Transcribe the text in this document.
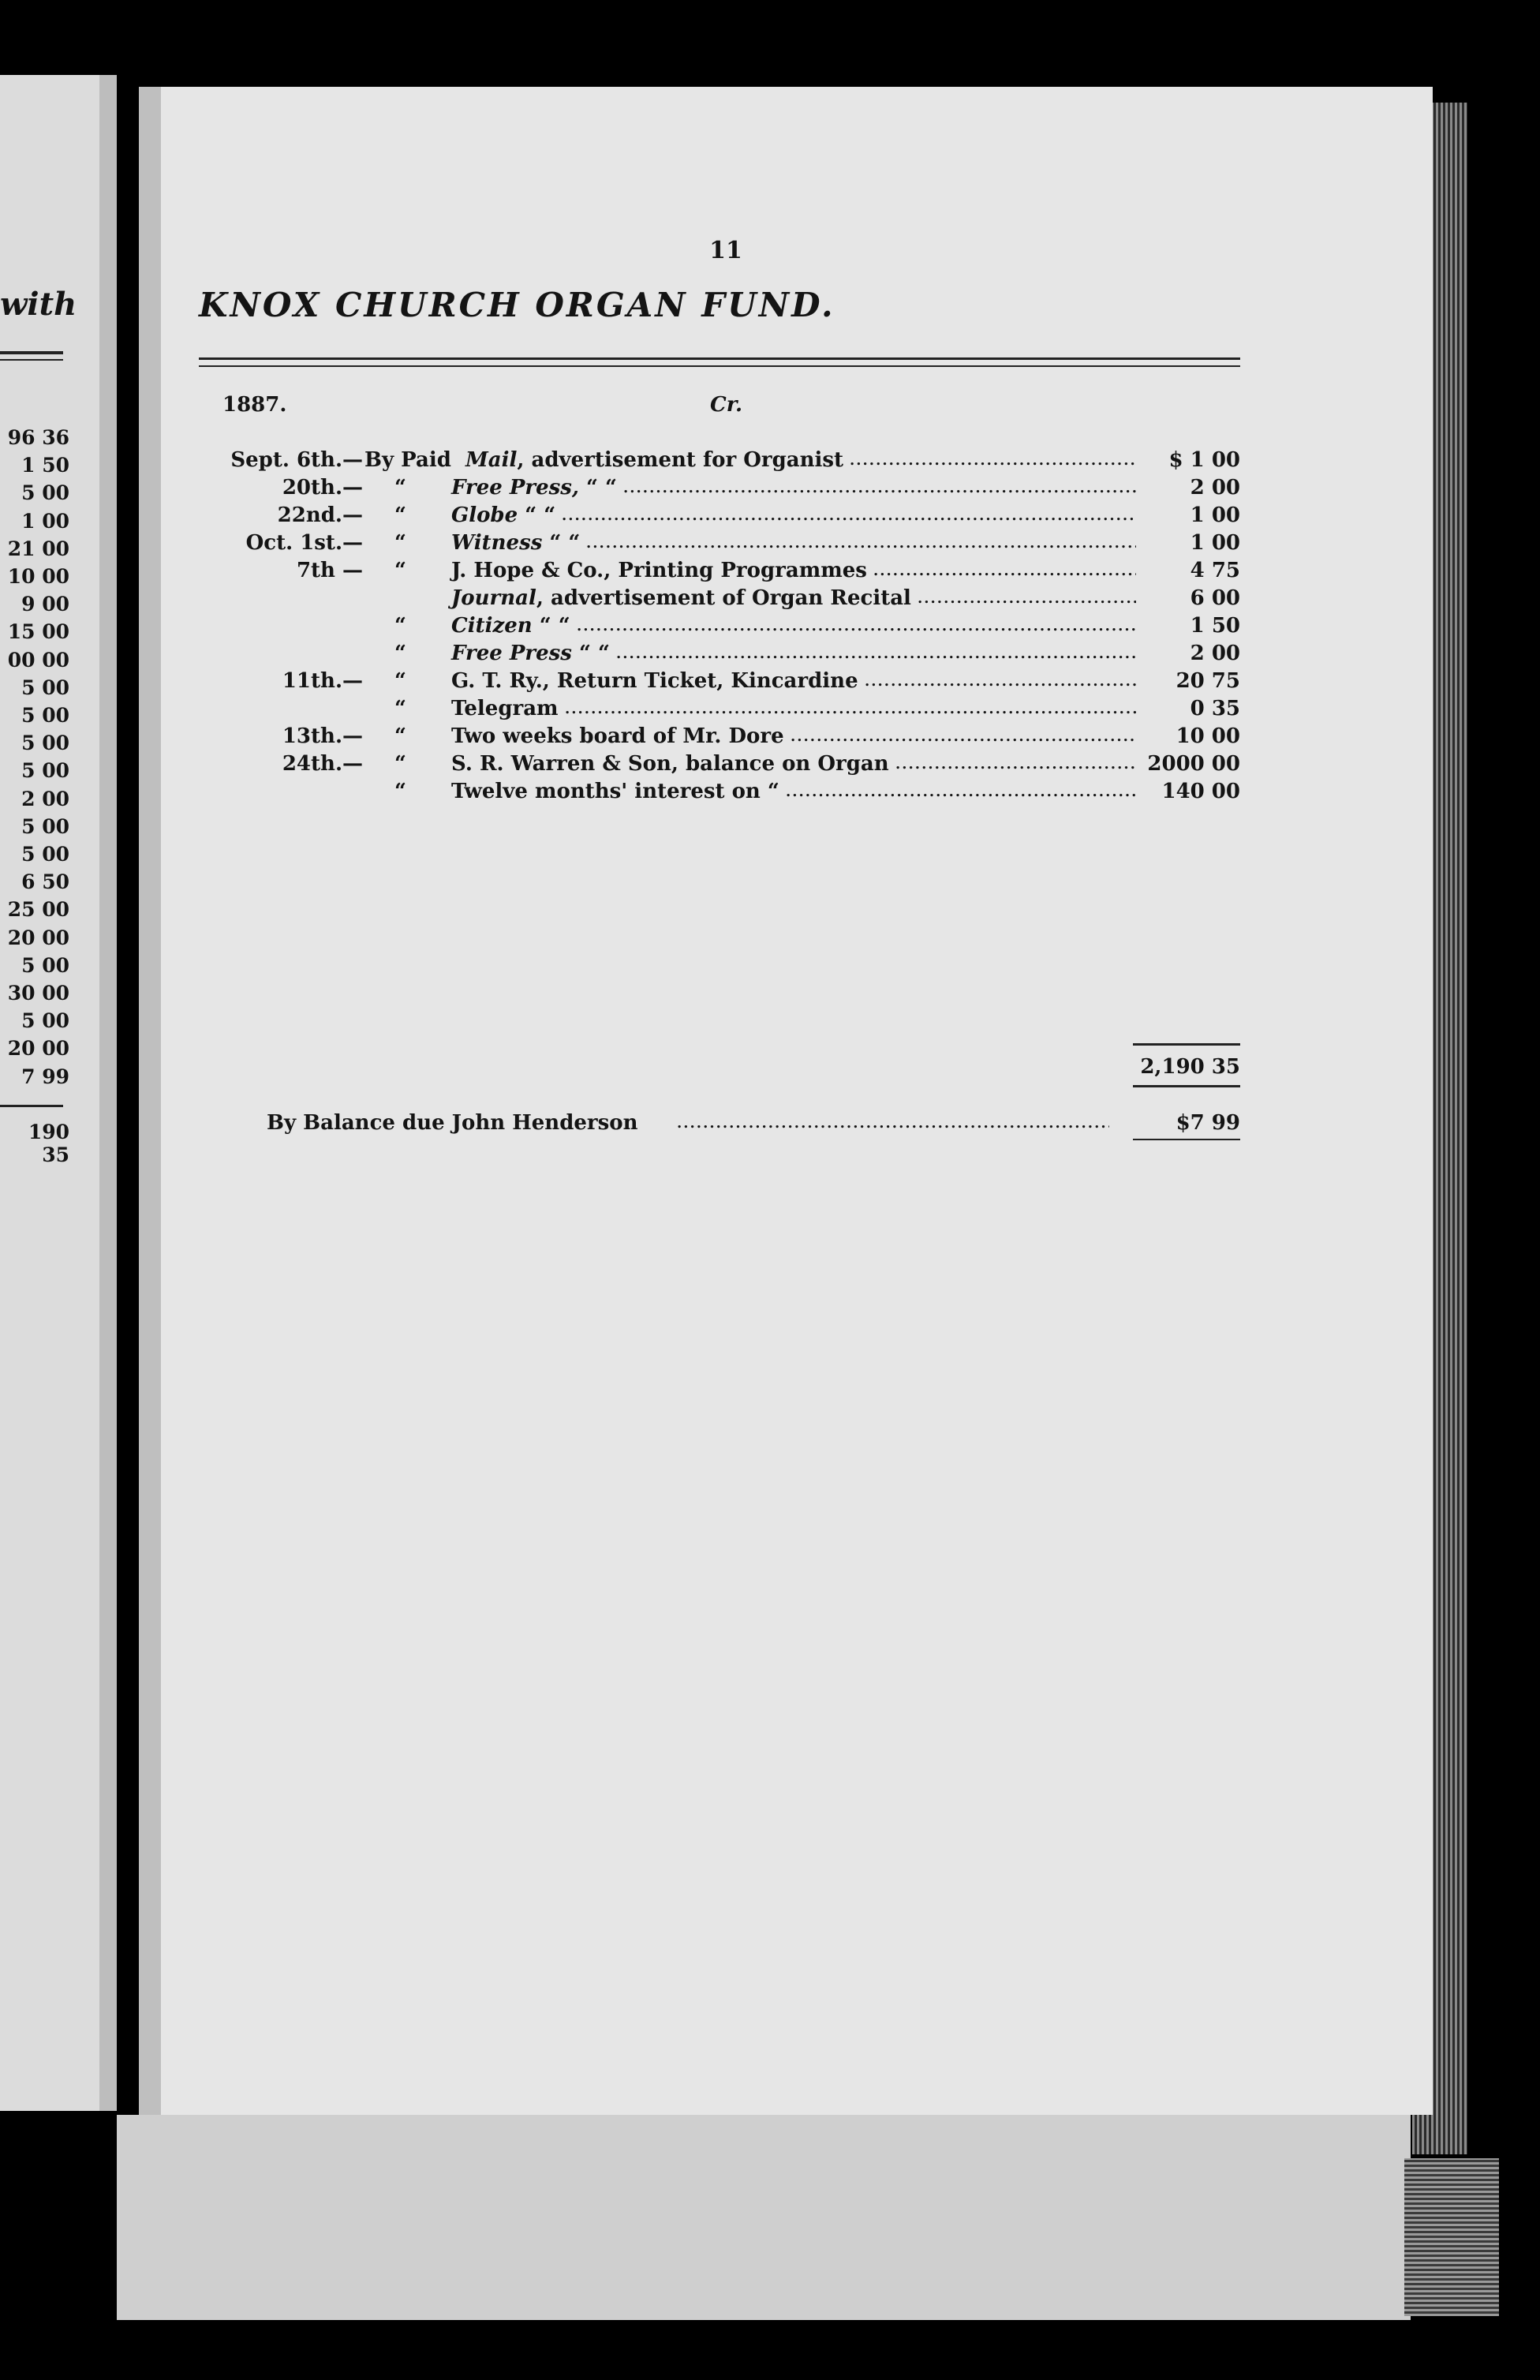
with
96 36
1 50
5 00
1 00
21 00
10 00
9 00
15 00
00 00
5 00
5 00
5 00
5 00
2 00
5 00
5 00
6 50
25 00
20 00
5 00
30 00
5 00
20 00
7 99
190 35
11
KNOX CHURCH ORGAN FUND.
1887.	Cr.
Sept. 6th.— By Paid Mail, advertisement for Organist .....	$ 1 00
20th.— “ Free Press, “ “ .....	2 00
22nd.— “ Globe “ “ .....	1 00
Oct. 1st.— “ Witness “ “ .....	1 00
7th — “ J. Hope & Co., Printing Programmes .....	4 75
Journal, advertisement of Organ Recital .....	6 00
“ Citizen “ “ .....	1 50
“ Free Press “ “ .....	2 00
11th.— “ G. T. Ry., Return Ticket, Kincardine .....	20 75
“ Telegram .....	0 35
13th.— “ Two weeks board of Mr. Dore .....	10 00
24th.— “ S. R. Warren & Son, balance on Organ .....	2000 00
“ Twelve months' interest on “ .....	140 00
2,190 35
By Balance due John Henderson .....	$7 99
